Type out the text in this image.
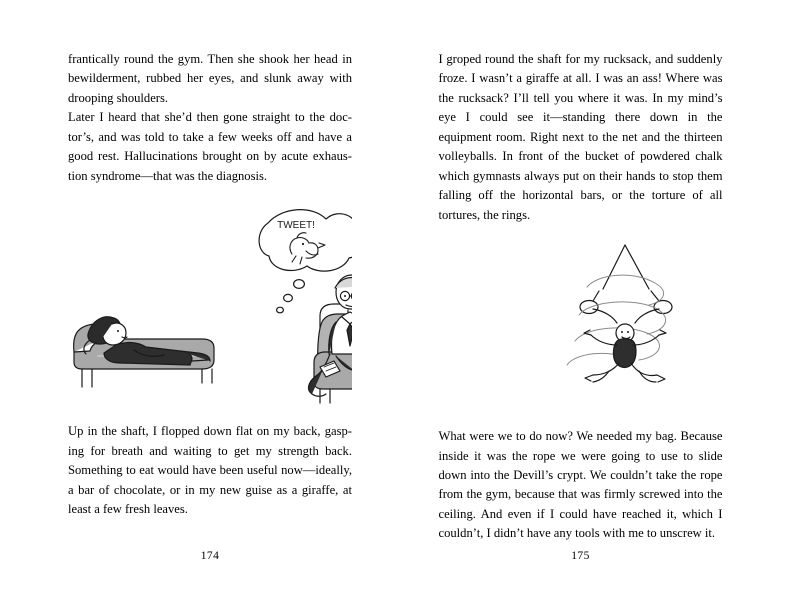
frantically round the gym. Then she shook her head in bewilderment, rubbed her eyes, and slunk away with drooping shoulders.

Later I heard that she’d then gone straight to the doctor’s, and was told to take a few weeks off and have a good rest. Hallucinations brought on by acute exhaustion syndrome—that was the diagnosis.

TWEET!

Up in the shaft, I flopped down flat on my back, gasping for breath and waiting to get my strength back. Something to eat would have been useful now—ideally, a bar of chocolate, or in my new guise as a giraffe, at least a few fresh leaves.

174

I groped round the shaft for my rucksack, and suddenly froze. I wasn’t a giraffe at all. I was an ass! Where was the rucksack? I’ll tell you where it was. In my mind’s eye I could see it—standing there down in the equipment room. Right next to the net and the thirteen volleyballs. In front of the bucket of powdered chalk which gymnasts always put on their hands to stop them falling off the horizontal bars, or the torture of all tortures, the rings.

What were we to do now? We needed my bag. Because inside it was the rope we were going to use to slide down into the Devill’s crypt. We couldn’t take the rope from the gym, because that was firmly screwed into the ceiling. And even if I could have reached it, which I couldn’t, I didn’t have any tools with me to unscrew it.

175
